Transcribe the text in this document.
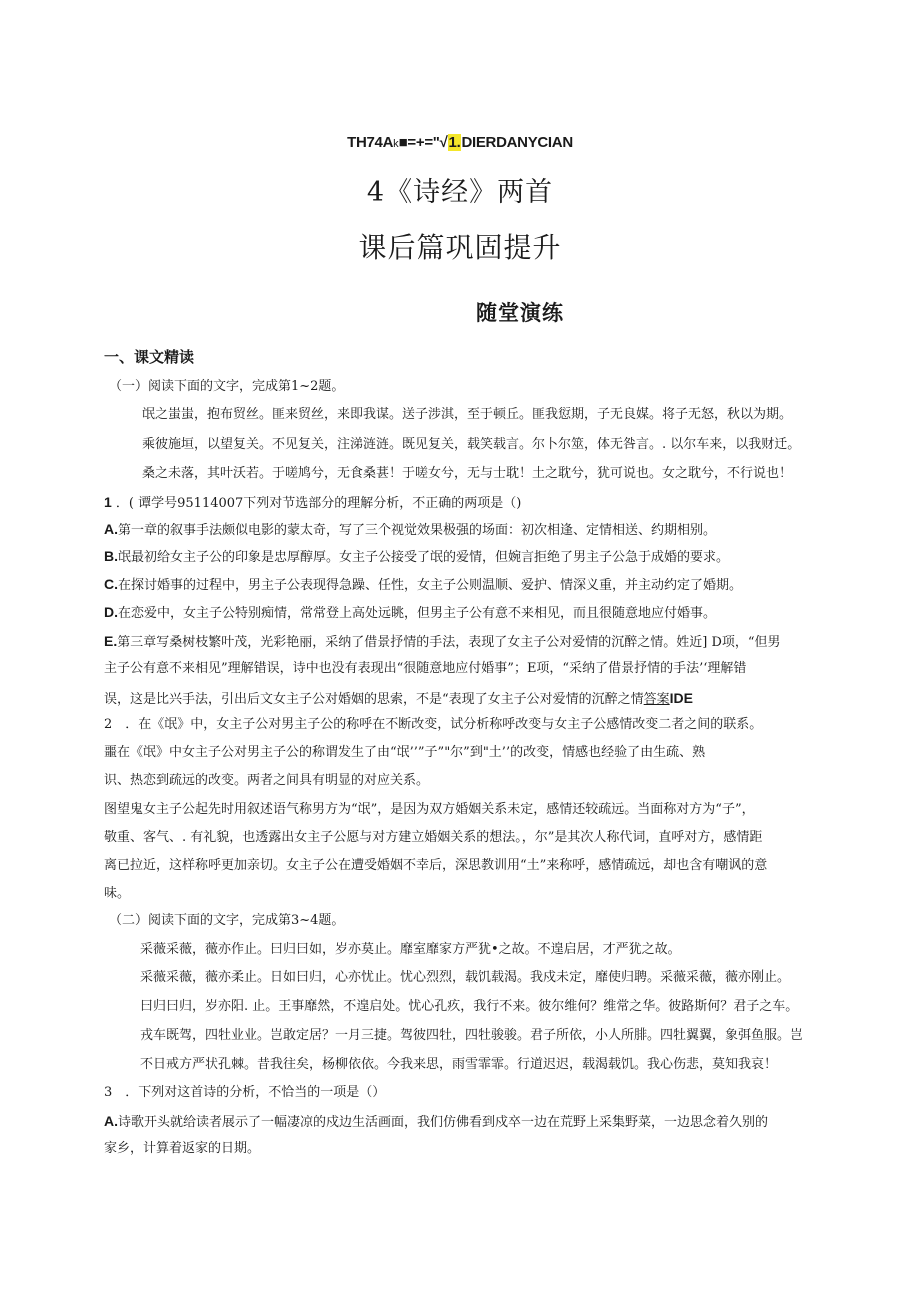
TH74Ak■=+="√1.DIERDANYCIAN
4《诗经》两首
课后篇巩固提升
随堂演练
一、课文精读
（一）阅读下面的文字，完成第1~2题。
氓之蚩蚩，抱布贸丝。匪来贸丝，来即我谋。送子涉淇，至于顿丘。匪我愆期，子无良媒。将子无怒，秋以为期。
乘彼施垣，以望复关。不见复关，注涕涟涟。既见复关，载笑载言。尔卜尔筮，体无咎言。. 以尔车来，以我财迁。
桑之未落，其叶沃若。于嗟鸠兮，无食桑葚！于嗟女兮，无与士耽！土之耽兮，犹可说也。女之耽兮，不行说也！
1 ．( 谭学号95114007下列对节选部分的理解分析，不正确的两项是（)
A.第一章的叙事手法颇似电影的蒙太奇，写了三个视觉效果极强的场面：初次相逢、定情相送、约期相别。
B.氓最初给女主子公的印象是忠厚醇厚。女主子公接受了氓的爱情，但婉言拒绝了男主子公急于成婚的要求。
C.在探讨婚事的过程中，男主子公表现得急躁、任性，女主子公则温顺、爱护、情深义重，并主动约定了婚期。
D.在恋爱中，女主子公特别痴情，常常登上高处远眺，但男主子公有意不来相见，而且很随意地应付婚事。
E.第三章写桑树枝繁叶茂，光彩艳丽，采纳了借景抒情的手法，表现了女主子公对爱情的沉醉之情。姓近] D项，“但男
主子公有意不来相见”理解错误，诗中也没有表现出“很随意地应付婚事”；E项，“采纳了借景抒情的手法’‘理解错
误，这是比兴手法，引出后文女主子公对婚姻的思索，不是“表现了女主子公对爱情的沉醉之情答案IDE
2　．在《氓》中，女主子公对男主子公的称呼在不断改变，试分析称呼改变与女主子公感情改变二者之间的联系。
噩在《氓》中女主子公对男主子公的称谓发生了由“氓’’”子”"尔”到"土’’的改变，情感也经验了由生疏、熟
识、热恋到疏远的改变。两者之间具有明显的对应关系。
图望鬼女主子公起先时用叙述语气称男方为“氓”，是因为双方婚姻关系未定，感情还较疏远。当面称对方为“子”，
敬重、客气、. 有礼貌，也透露出女主子公愿与对方建立婚姻关系的想法。，尔”是其次人称代词，直呼对方，感情距
离已拉近，这样称呼更加亲切。女主子公在遭受婚姻不幸后，深思教训用“土”来称呼，感情疏远，却也含有嘲讽的意
味。
（二）阅读下面的文字，完成第3~4题。
采薇采薇，薇亦作止。曰归曰如，岁亦莫止。靡室靡家方严犹•之故。不遑启居，才严犹之故。
采薇采薇，薇亦柔止。日如曰归，心亦忧止。忧心烈烈，载饥载渴。我戍未定，靡使归聘。采薇采薇，薇亦刚止。
曰归曰归，岁亦阳. 止。王事靡然，不遑启处。忧心孔疚，我行不来。彼尔维何？维常之华。彼路斯何？君子之车。
戎车既驾，四牡业业。岂敢定居？一月三捷。驾彼四牡，四牡骏骏。君子所依，小人所腓。四牡翼翼，象弭鱼服。岂
不日戒方严状孔棘。昔我往矣，杨柳依依。今我来思，雨雪霏霏。行道迟迟，载渴载饥。我心伤悲，莫知我哀！
3　．下列对这首诗的分析，不恰当的一项是（）
A.诗歌开头就给读者展示了一幅凄凉的戍边生活画面，我们仿佛看到戍卒一边在荒野上采集野菜，一边思念着久别的
家乡，计算着返家的日期。
